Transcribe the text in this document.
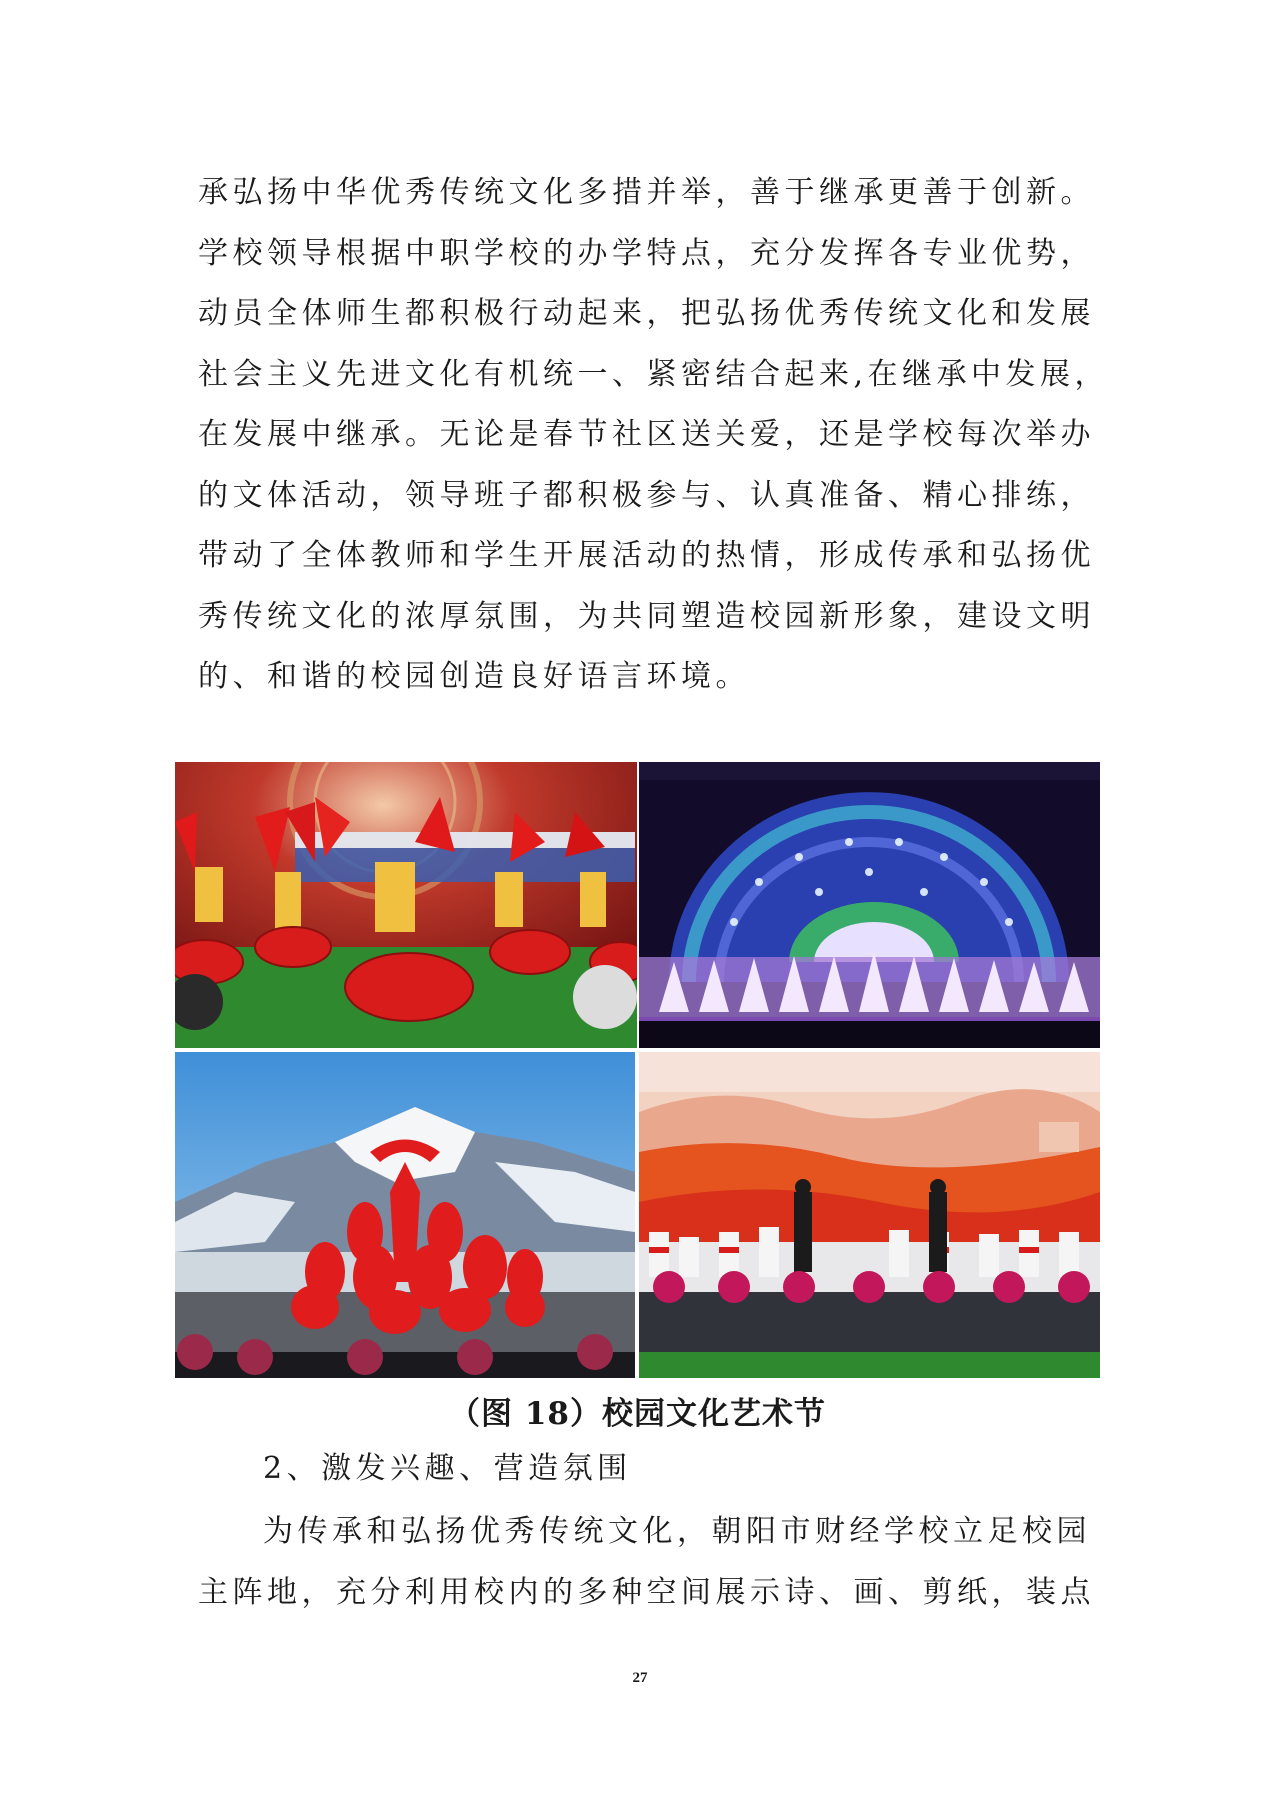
承弘扬中华优秀传统文化多措并举，善于继承更善于创新。

学校领导根据中职学校的办学特点，充分发挥各专业优势，

动员全体师生都积极行动起来，把弘扬优秀传统文化和发展

社会主义先进文化有机统一、紧密结合起来,在继承中发展，

在发展中继承。无论是春节社区送关爱，还是学校每次举办

的文体活动，领导班子都积极参与、认真准备、精心排练，

带动了全体教师和学生开展活动的热情，形成传承和弘扬优

秀传统文化的浓厚氛围，为共同塑造校园新形象，建设文明

的、和谐的校园创造良好语言环境。

（图 18）校园文化艺术节
2、激发兴趣、营造氛围

为传承和弘扬优秀传统文化，朝阳市财经学校立足校园

主阵地，充分利用校内的多种空间展示诗、画、剪纸，装点

27
